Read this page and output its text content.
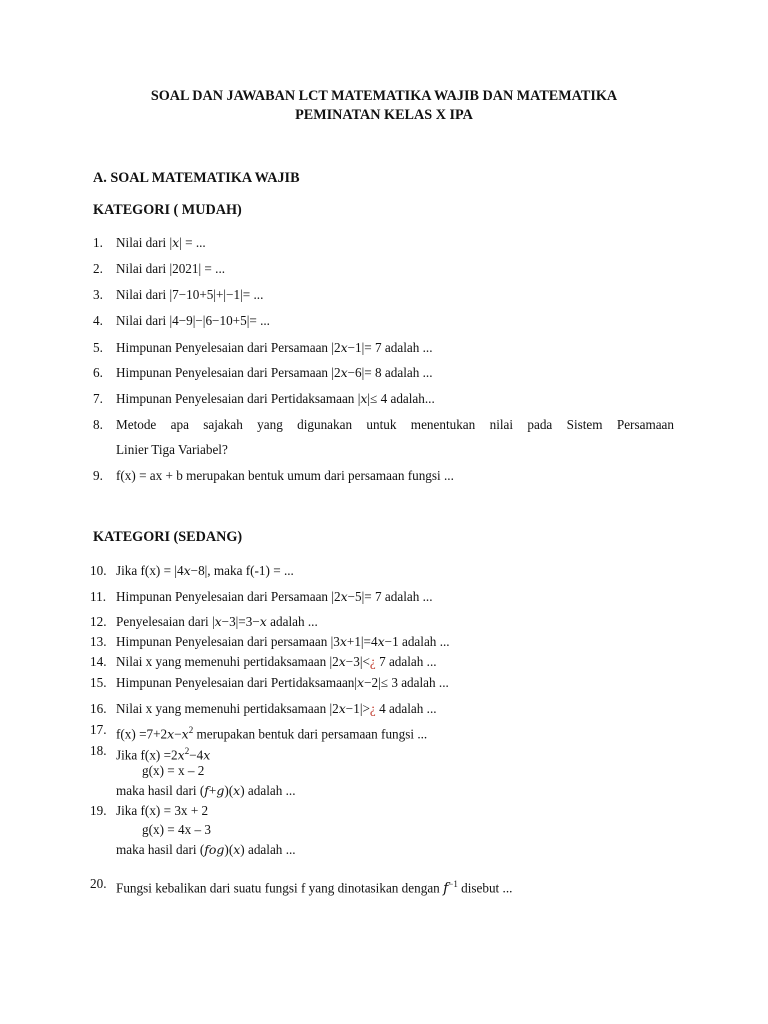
SOAL DAN JAWABAN LCT MATEMATIKA WAJIB DAN MATEMATIKA
PEMINATAN KELAS X IPA
A. SOAL MATEMATIKA WAJIB
KATEGORI ( MUDAH)
1. Nilai dari |x| = ...
2. Nilai dari |2021| = ...
3. Nilai dari |7−10+5|+|−1|= ...
4. Nilai dari |4−9|−|6−10+5|= ...
5. Himpunan Penyelesaian dari Persamaan |2x−1|= 7 adalah ...
6. Himpunan Penyelesaian dari Persamaan |2x−6|= 8 adalah ...
7. Himpunan Penyelesaian dari Pertidaksamaan |x|≤ 4 adalah...
8. Metode apa sajakah yang digunakan untuk menentukan nilai pada Sistem Persamaan
Linier Tiga Variabel?
9. f(x) = ax + b merupakan bentuk umum dari persamaan fungsi ...
KATEGORI (SEDANG)
10. Jika f(x) = |4x−8|, maka f(-1) = ...
11. Himpunan Penyelesaian dari Persamaan |2x−5|= 7 adalah ...
12. Penyelesaian dari |x−3|=3−x adalah ...
13. Himpunan Penyelesaian dari persamaan |3x+1|=4x−1 adalah ...
14. Nilai x yang memenuhi pertidaksamaan |2x−3|<¿ 7 adalah ...
15. Himpunan Penyelesaian dari Pertidaksamaan|x−2|≤ 3 adalah ...
16. Nilai x yang memenuhi pertidaksamaan |2x−1|>¿ 4 adalah ...
17. $f(x) =7+2x-x^2$ merupakan bentuk dari persamaan fungsi ...
18. Jika $f(x) =2x^2-4x$
g(x) = x – 2
maka hasil dari (f+g)(x) adalah ...
19. Jika f(x) = 3x + 2
g(x) = 4x – 3
maka hasil dari (fog)(x) adalah ...
20. Fungsi kebalikan dari suatu fungsi f yang dinotasikan dengan $f^{-1}$ disebut ...
